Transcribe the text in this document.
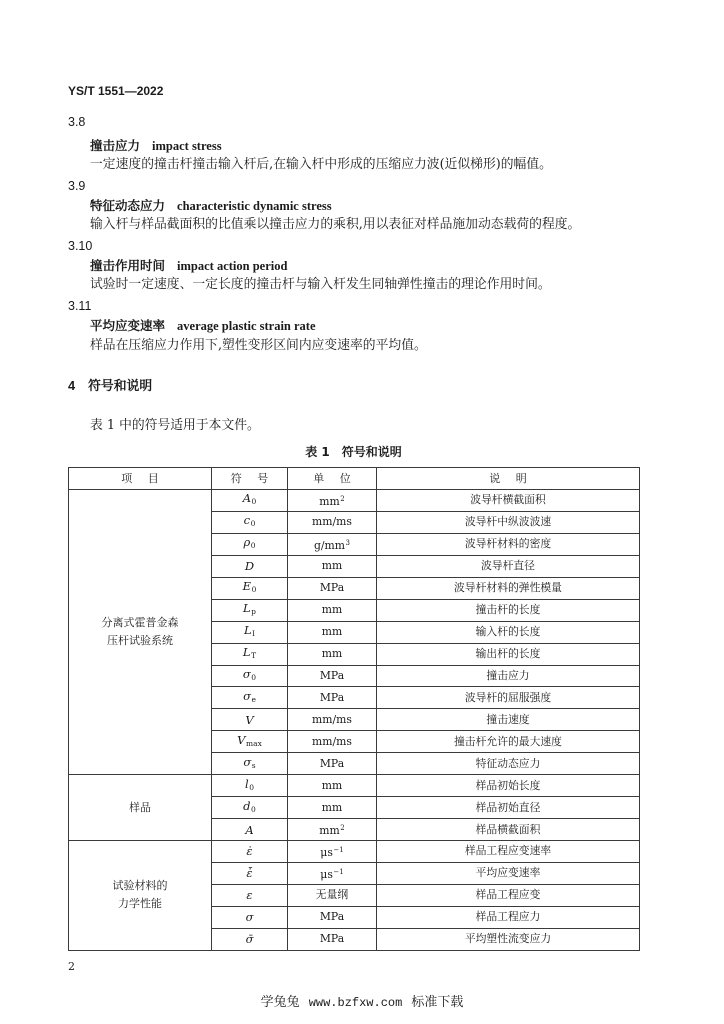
YS/T 1551—2022
3.8
撞击应力 impact stress
一定速度的撞击杆撞击输入杆后,在输入杆中形成的压缩应力波(近似梯形)的幅值。
3.9
特征动态应力 characteristic dynamic stress
输入杆与样品截面积的比值乘以撞击应力的乘积,用以表征对样品施加动态载荷的程度。
3.10
撞击作用时间 impact action period
试验时一定速度、一定长度的撞击杆与输入杆发生同轴弹性撞击的理论作用时间。
3.11
平均应变速率 average plastic strain rate
样品在压缩应力作用下,塑性变形区间内应变速率的平均值。
4 符号和说明
表 1 中的符号适用于本文件。
表 1 符号和说明
项 目	符 号	单 位	说 明

分离式霍普金森
压杆试验系统	$A_0$	$mm^2$	波导杆横截面积
	$c_0$	mm/ms	波导杆中纵波波速
	$\rho_0$	$g/mm^3$	波导杆材料的密度
	D	mm	波导杆直径
	$E_0$	MPa	波导杆材料的弹性模量
	$L_p$	mm	撞击杆的长度
	$L_I$	mm	输入杆的长度
	$L_T$	mm	输出杆的长度
	$\sigma_0$	MPa	撞击应力
	$\sigma_e$	MPa	波导杆的屈服强度
	V	mm/ms	撞击速度
	$V_{max}$	mm/ms	撞击杆允许的最大速度
	$\sigma_s$	MPa	特征动态应力

样品	$l_0$	mm	样品初始长度
	$d_0$	mm	样品初始直径
	A	$mm^2$	样品横截面积

试验材料的
力学性能	ε̇	$\mu s^{-1}$	样品工程应变速率
	ε̇̄	$\mu s^{-1}$	平均应变速率
	ε	无量纲	样品工程应变
	σ	MPa	样品工程应力
	σ̄	MPa	平均塑性流变应力
2
学兔兔 www.bzfxw.com 标准下载
